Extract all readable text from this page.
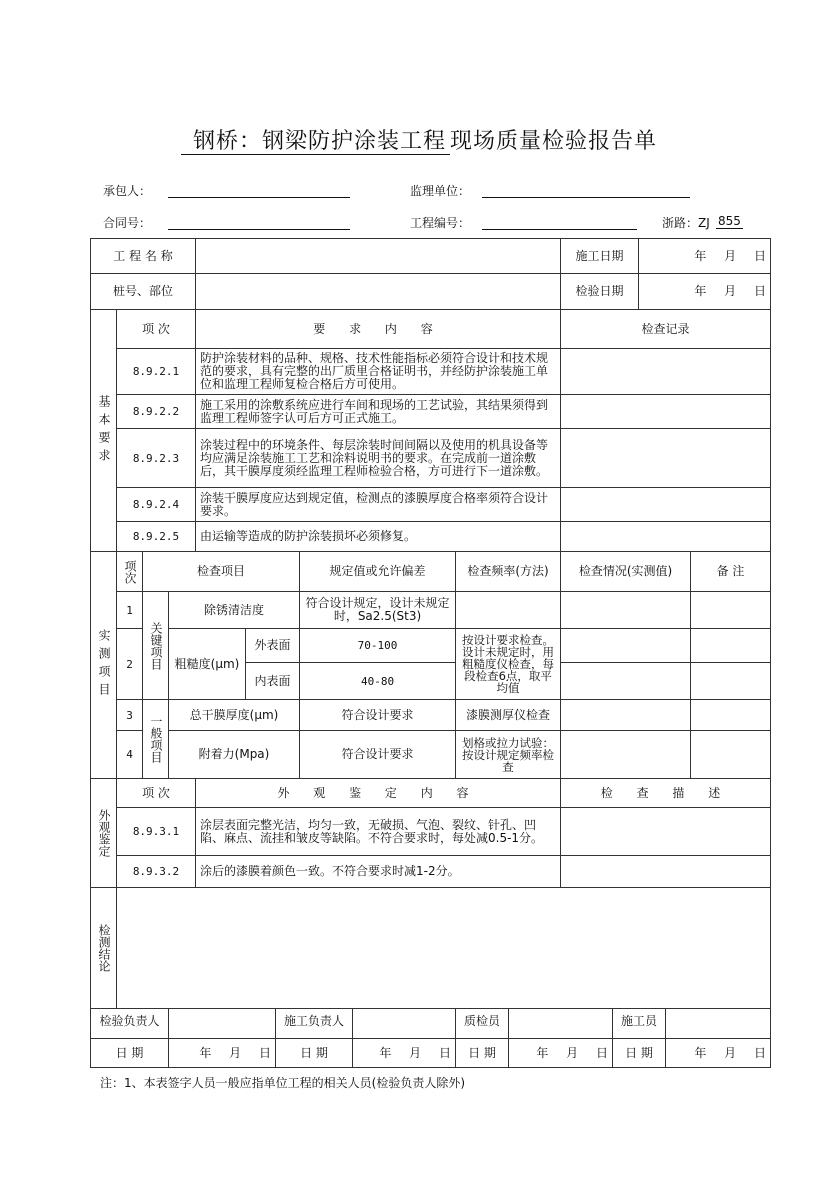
钢桥：钢梁防护涂装工程 现场质量检验报告单
承包人：	监理单位：
合同号：	工程编号：	浙路：ZJ 855
工 程 名 称		施工日期	年 月 日
桩号、部位		检验日期	年 月 日
基本要求	项 次	要 求 内 容	检查记录
	8.9.2.1	防护涂装材料的品种、规格、技术性能指标必须符合设计和技术规范的要求，具有完整的出厂质里合格证明书，并经防护涂装施工单位和监理工程师复检合格后方可使用。	
	8.9.2.2	施工采用的涂敷系统应进行车间和现场的工艺试验，其结果须得到监理工程师签字认可后方可正式施工。	
	8.9.2.3	涂装过程中的环境条件、每层涂装时间间隔以及使用的机具设备等均应满足涂装施工工艺和涂料说明书的要求。在完成前一道涂敷后，其干膜厚度须经监理工程师检验合格，方可进行下一道涂敷。	
	8.9.2.4	涂装干膜厚度应达到规定值，检测点的漆膜厚度合格率须符合设计要求。	
	8.9.2.5	由运输等造成的防护涂装损坏必须修复。	
实测项目	项次	检查项目			规定值或允许偏差	检查频率(方法)	检查情况(实测值)	备 注
	1	关键项目	除锈清洁度		符合设计规定，设计未规定时，Sa2.5(St3)			
	2		粗糙度(μm)	外表面	70-100	按设计要求检查。设计未规定时，用粗糙度仪检查，每段检查6点，取平均值		
				内表面	40-80			
	3	一般项目	总干膜厚度(μm)		符合设计要求	漆膜测厚仪检查		
	4		附着力(Mpa)		符合设计要求	划格或拉力试验：按设计规定频率检查		
外观鉴定	项 次	外 观 鉴 定 内 容	检 查 描 述
	8.9.3.1	涂层表面完整光洁，均匀一致，无破损、气泡、裂纹、针孔、凹陷、麻点、流挂和皱皮等缺陷。不符合要求时，每处减0.5-1分。	
	8.9.3.2	涂后的漆膜着颜色一致。不符合要求时减1-2分。	
检测结论

检验负责人		施工负责人		质检员		施工员	
日 期	年 月 日	日 期	年 月 日	日 期	年 月 日	日 期	年 月 日
注：1、本表签字人员一般应指单位工程的相关人员(检验负责人除外)
